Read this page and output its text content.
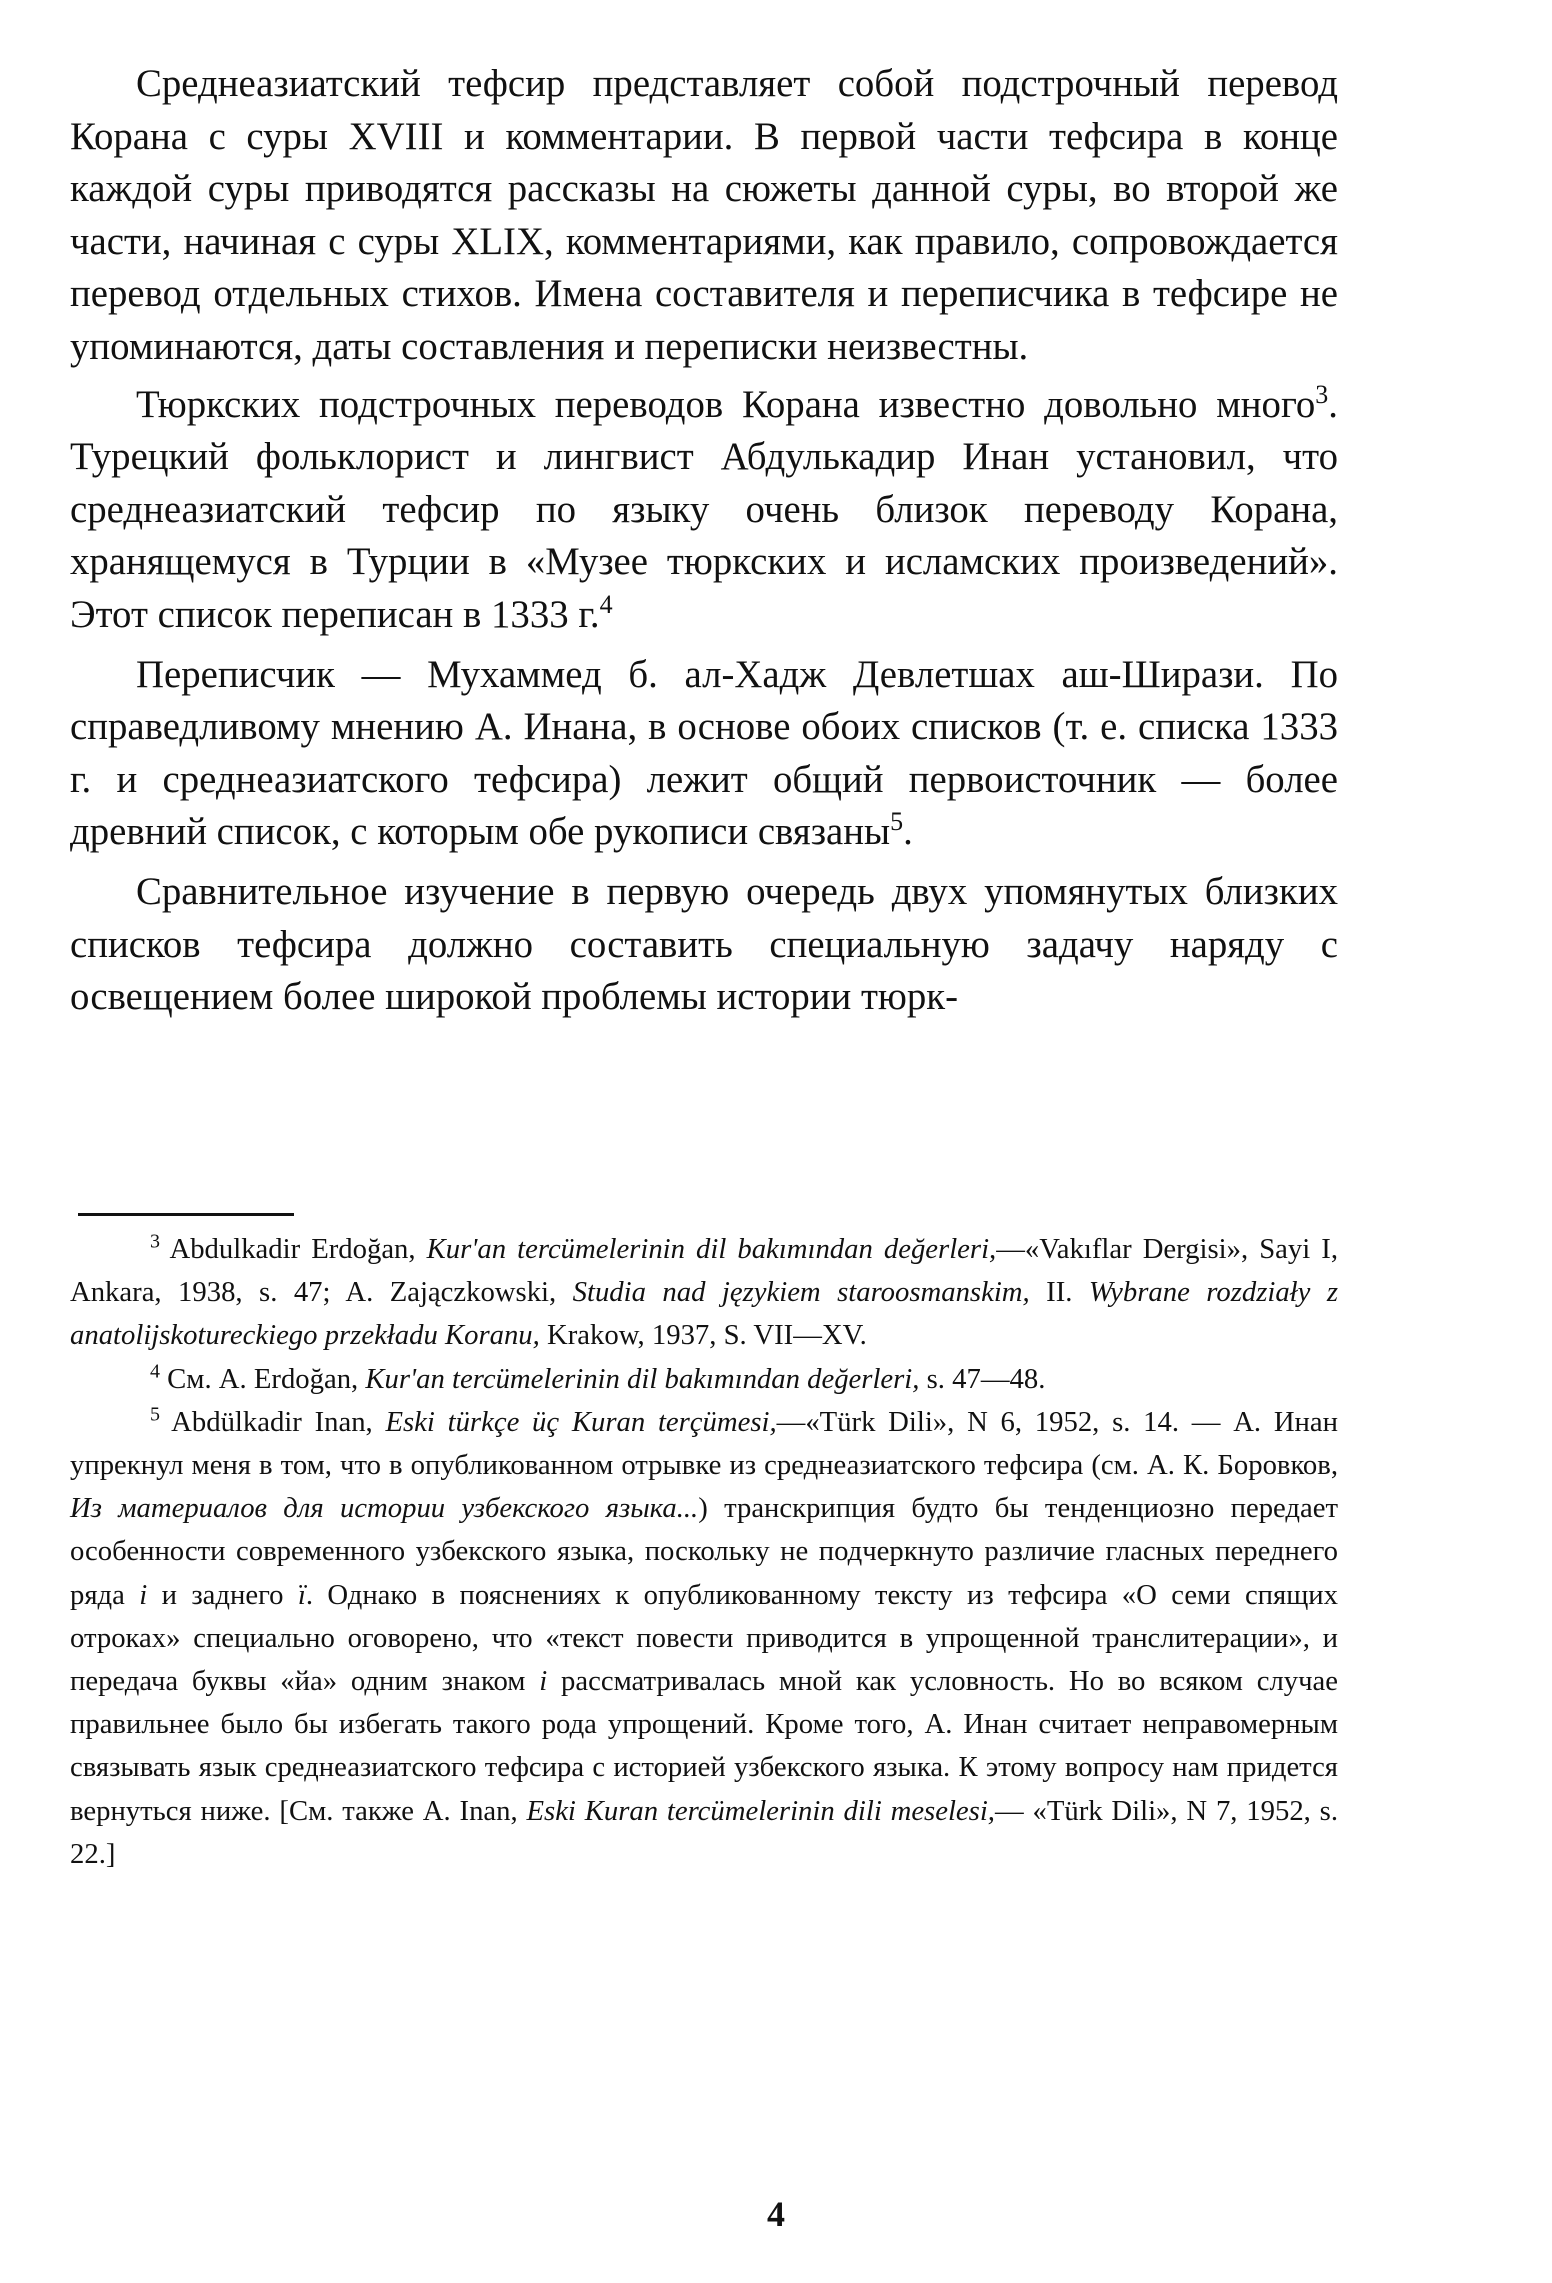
Среднеазиатский тефсир представляет собой подстрочный перевод Корана с суры XVIII и комментарии. В первой части тефсира в конце каждой суры приводятся рассказы на сюжеты данной суры, во второй же части, начиная с суры XLIX, комментариями, как правило, сопровождается перевод отдельных стихов. Имена составителя и переписчика в тефсире не упоминаются, даты составления и переписки неизвестны.

Тюркских подстрочных переводов Корана известно довольно много$^3$. Турецкий фольклорист и лингвист Абдулькадир Инан установил, что среднеазиатский тефсир по языку очень близок переводу Корана, хранящемуся в Турции в «Музее тюркских и исламских произведений». Этот список переписан в 1333 г.$^4$

Переписчик — Мухаммед б. ал-Хадж Девлетшах аш-Ширази. По справедливому мнению А. Инана, в основе обоих списков (т. е. списка 1333 г. и среднеазиатского тефсира) лежит общий первоисточник — более древний список, с которым обе рукописи связаны$^5$.

Сравнительное изучение в первую очередь двух упомянутых близких списков тефсира должно составить специальную задачу наряду с освещением более широкой проблемы истории тюрк-

$^3$ Abdulkadir Erdoğan, Kur'an tercümelerinin dil bakımından değerleri,—«Vakıflar Dergisi», Sayi I, Ankara, 1938, s. 47; A. Zajączkowski, Studia nad językiem staroosmanskim, II. Wybrane rozdziały z anatolijskotureckiego przekładu Koranu, Krakow, 1937, S. VII—XV.

$^4$ См. А. Erdoğan, Kur'an tercümelerinin dil bakımından değerleri, s. 47—48.

$^5$ Abdülkadir Inan, Eski türkçe üç Kuran terçümesi,—«Türk Dili», N 6, 1952, s. 14. — А. Инан упрекнул меня в том, что в опубликованном отрывке из среднеазиатского тефсира (см. А. К. Боровков, Из материалов для истории узбекского языка...) транскрипция будто бы тенденциозно передает особенности современного узбекского языка, поскольку не подчеркнуто различие гласных переднего ряда i и заднего ï. Однако в пояснениях к опубликованному тексту из тефсира «О семи спящих отроках» специально оговорено, что «текст повести приводится в упрощенной транслитерации», и передача буквы «йа» одним знаком i рассматривалась мной как условность. Но во всяком случае правильнее было бы избегать такого рода упрощений. Кроме того, А. Инан считает неправомерным связывать язык среднеазиатского тефсира с историей узбекского языка. К этому вопросу нам придется вернуться ниже. [См. также A. Inan, Eski Kuran tercümelerinin dili meselesi,— «Türk Dili», N 7, 1952, s. 22.]

4
